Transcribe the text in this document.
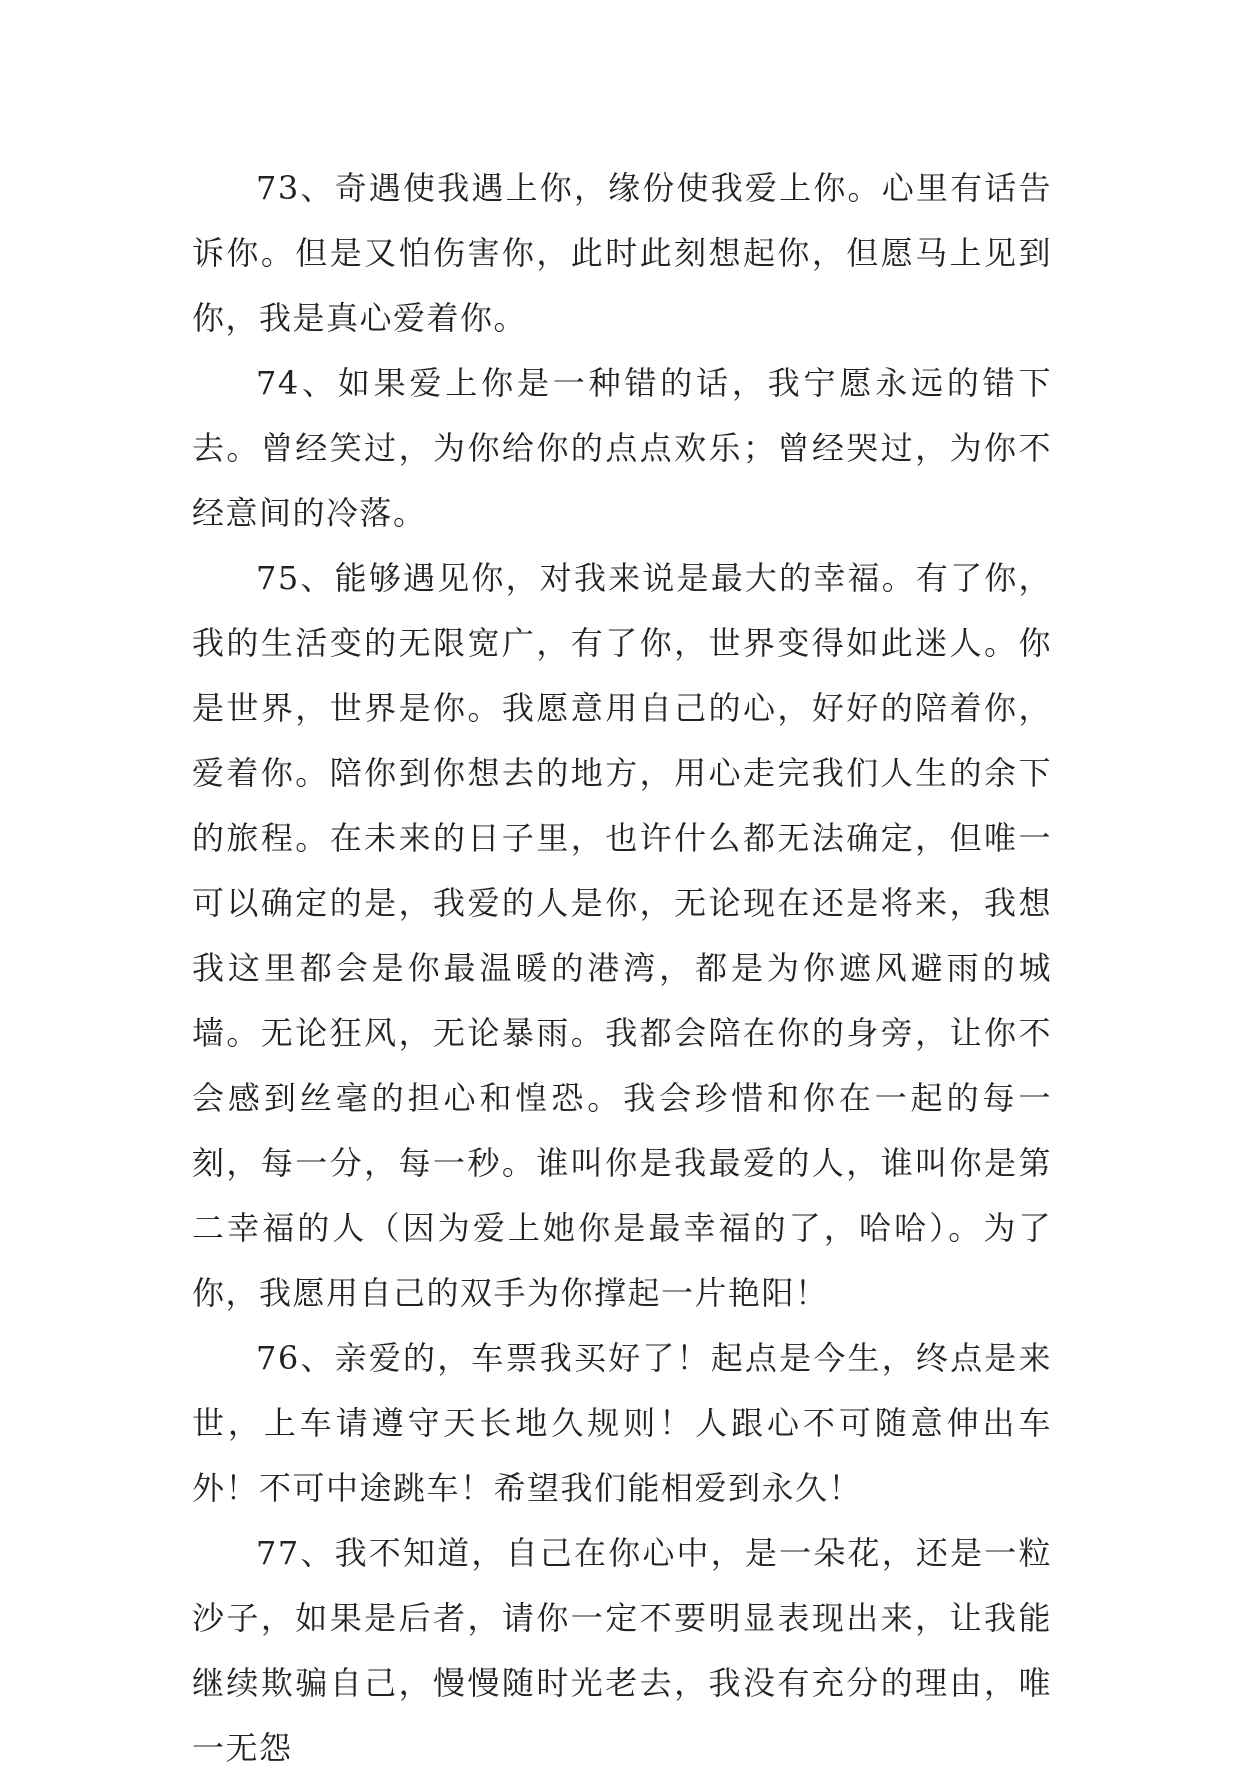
73、奇遇使我遇上你，缘份使我爱上你。心里有话告诉你。但是又怕伤害你，此时此刻想起你，但愿马上见到你，我是真心爱着你。

74、如果爱上你是一种错的话，我宁愿永远的错下去。曾经笑过，为你给你的点点欢乐；曾经哭过，为你不经意间的冷落。

75、能够遇见你，对我来说是最大的幸福。有了你，我的生活变的无限宽广，有了你，世界变得如此迷人。你是世界，世界是你。我愿意用自己的心，好好的陪着你，爱着你。陪你到你想去的地方，用心走完我们人生的余下的旅程。在未来的日子里，也许什么都无法确定，但唯一可以确定的是，我爱的人是你，无论现在还是将来，我想我这里都会是你最温暖的港湾，都是为你遮风避雨的城墙。无论狂风，无论暴雨。我都会陪在你的身旁，让你不会感到丝毫的担心和惶恐。我会珍惜和你在一起的每一刻，每一分，每一秒。谁叫你是我最爱的人，谁叫你是第二幸福的人（因为爱上她你是最幸福的了，哈哈）。为了你，我愿用自己的双手为你撑起一片艳阳！

76、亲爱的，车票我买好了！起点是今生，终点是来世，上车请遵守天长地久规则！人跟心不可随意伸出车外！不可中途跳车！希望我们能相爱到永久！

77、我不知道，自己在你心中，是一朵花，还是一粒沙子，如果是后者，请你一定不要明显表现出来，让我能继续欺骗自己，慢慢随时光老去，我没有充分的理由，唯一无怨
